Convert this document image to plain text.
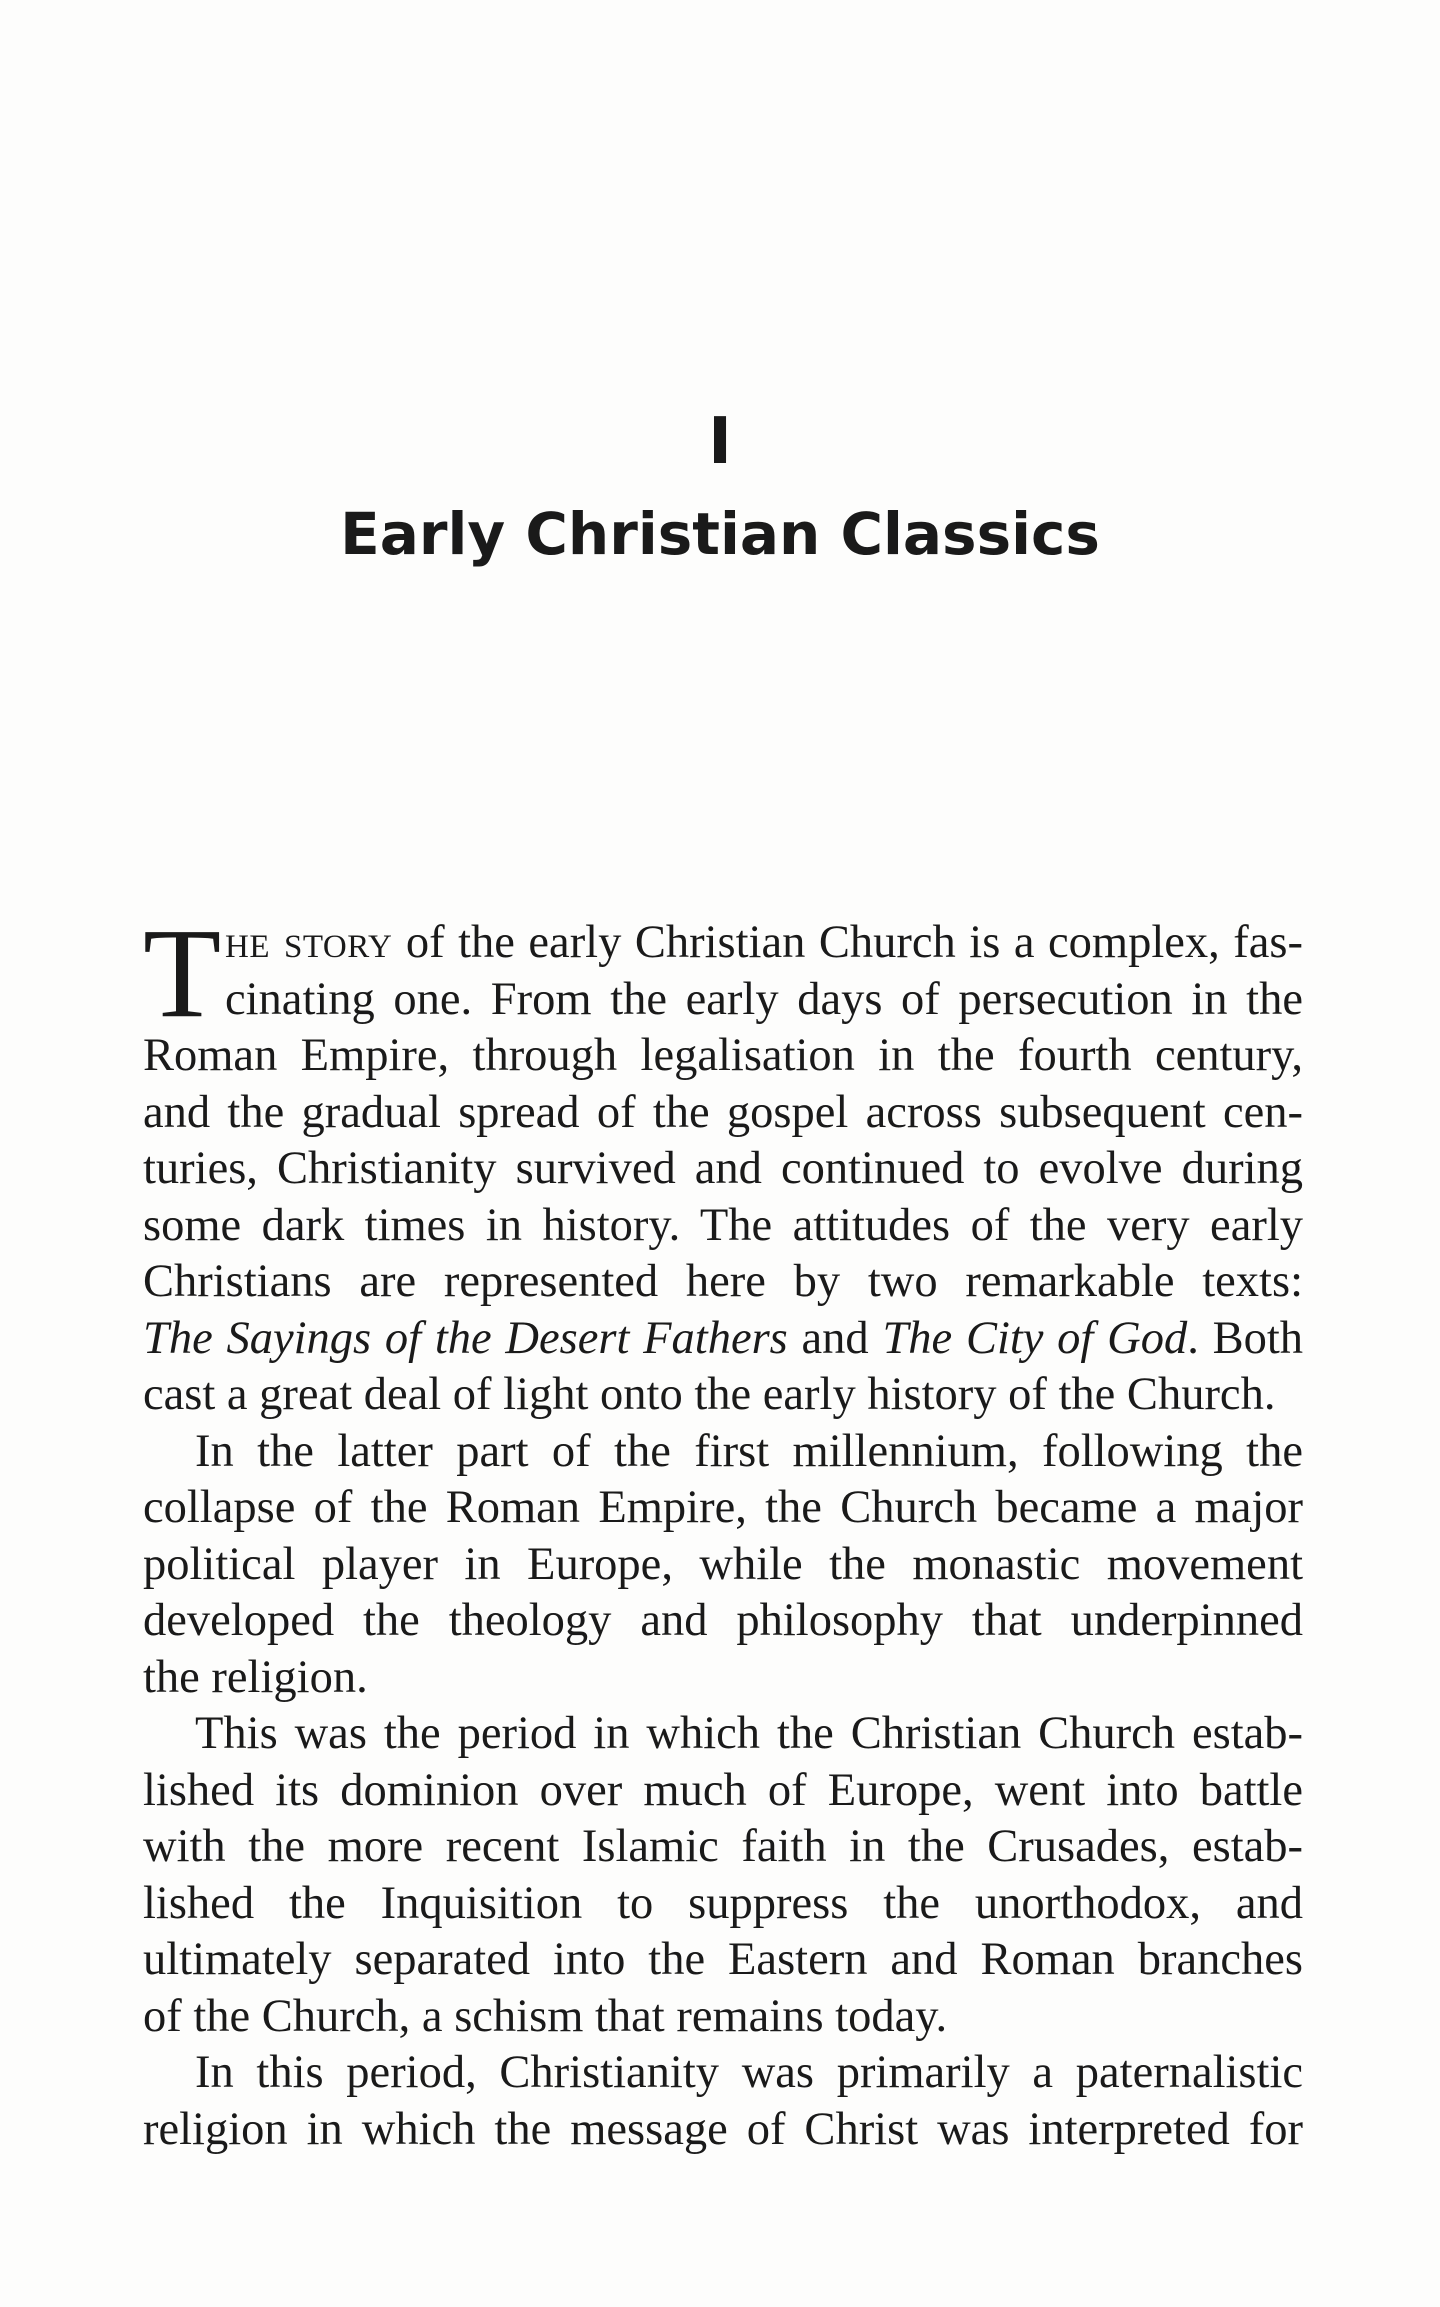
I
Early Christian Classics
T he story of the early Christian Church is a complex, fas-
cinating one. From the early days of persecution in the
Roman Empire, through legalisation in the fourth century,
and the gradual spread of the gospel across subsequent cen-
turies, Christianity survived and continued to evolve during
some dark times in history. The attitudes of the very early
Christians are represented here by two remarkable texts:
The Sayings of the Desert Fathers and The City of God. Both
cast a great deal of light onto the early history of the Church.
In the latter part of the first millennium, following the
collapse of the Roman Empire, the Church became a major
political player in Europe, while the monastic movement
developed the theology and philosophy that underpinned
the religion.
This was the period in which the Christian Church estab-
lished its dominion over much of Europe, went into battle
with the more recent Islamic faith in the Crusades, estab-
lished the Inquisition to suppress the unorthodox, and
ultimately separated into the Eastern and Roman branches
of the Church, a schism that remains today.
In this period, Christianity was primarily a paternalistic
religion in which the message of Christ was interpreted for
